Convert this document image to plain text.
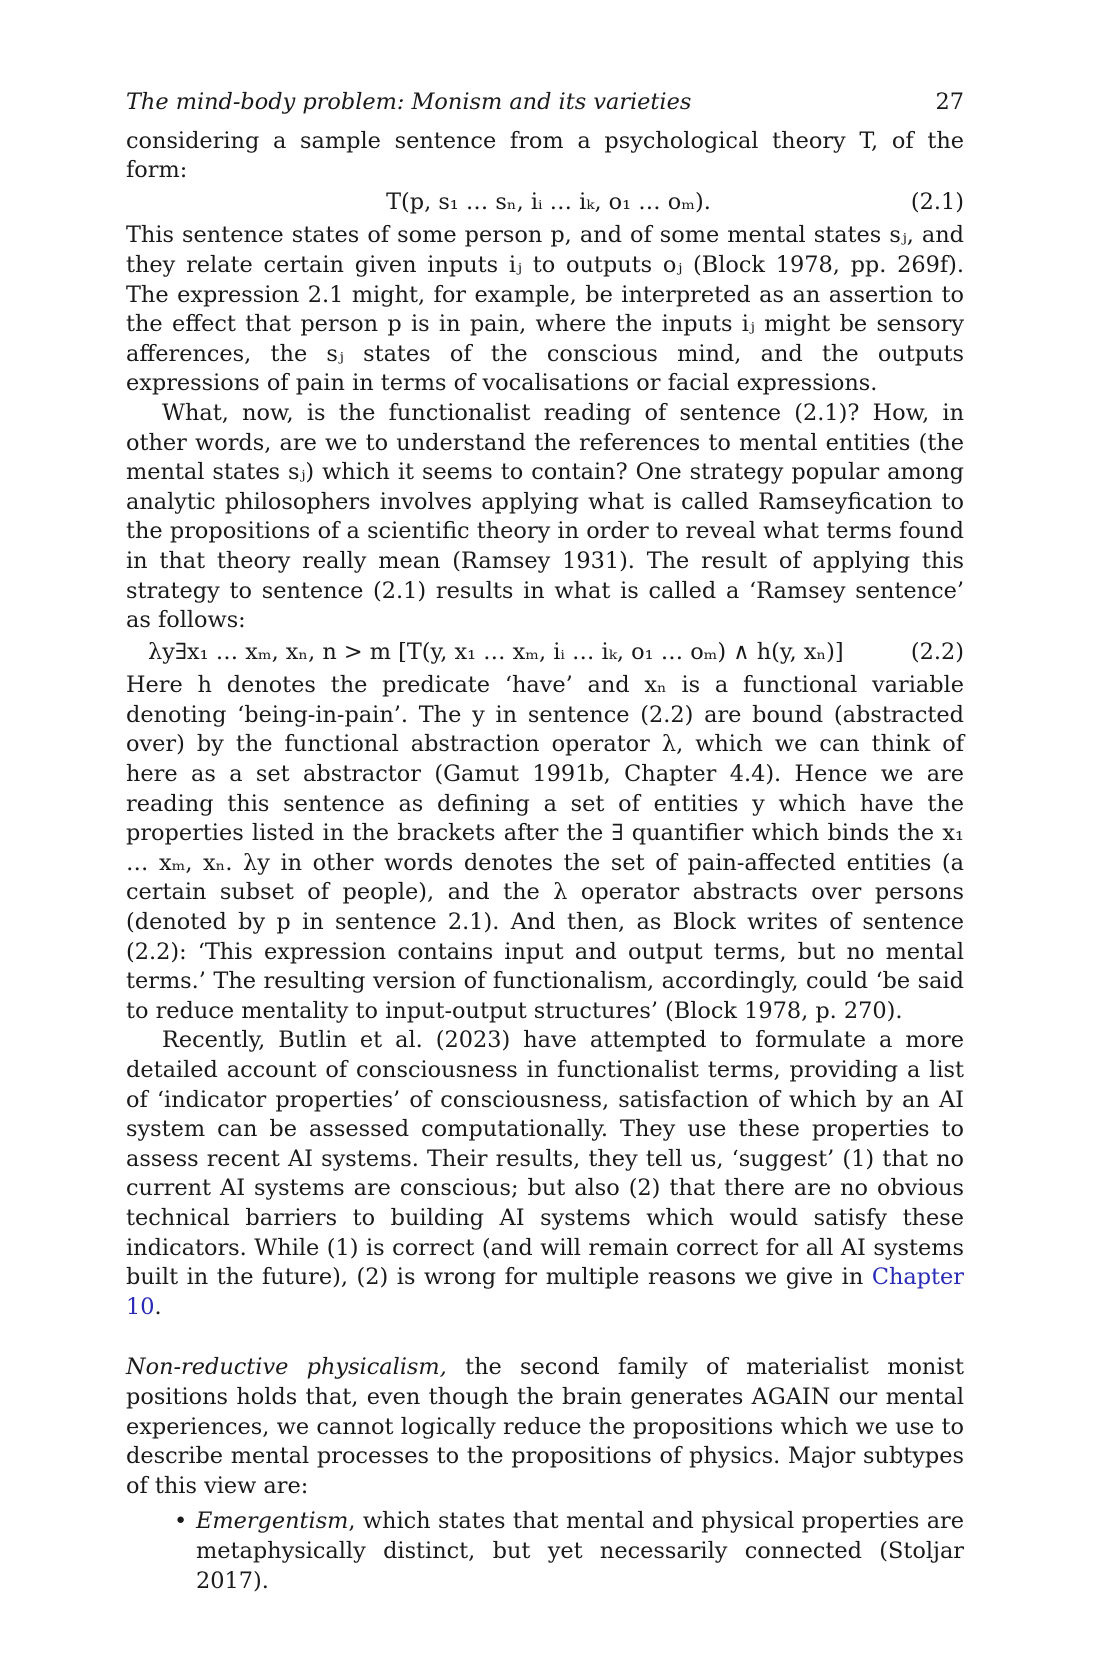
The mind-body problem: Monism and its varieties	27

considering a sample sentence from a psychological theory T, of the form:

T(p, s₁ … sₙ, iᵢ … iₖ, o₁ … oₘ).	(2.1)

This sentence states of some person p, and of some mental states sⱼ, and they relate certain given inputs iⱼ to outputs oⱼ (Block 1978, pp. 269f). The expression 2.1 might, for example, be interpreted as an assertion to the effect that person p is in pain, where the inputs iⱼ might be sensory afferences, the sⱼ states of the conscious mind, and the outputs expressions of pain in terms of vocalisations or facial expressions.

What, now, is the functionalist reading of sentence (2.1)? How, in other words, are we to understand the references to mental entities (the mental states sⱼ) which it seems to contain? One strategy popular among analytic philosophers involves applying what is called Ramseyfication to the propositions of a scientific theory in order to reveal what terms found in that theory really mean (Ramsey 1931). The result of applying this strategy to sentence (2.1) results in what is called a ‘Ramsey sentence’ as follows:

λy∃x₁ … xₘ, xₙ, n > m [T(y, x₁ … xₘ, iᵢ … iₖ, o₁ … oₘ) ∧ h(y, xₙ)]	(2.2)

Here h denotes the predicate ‘have’ and xₙ is a functional variable denoting ‘being-in-pain’. The y in sentence (2.2) are bound (abstracted over) by the functional abstraction operator λ, which we can think of here as a set abstractor (Gamut 1991b, Chapter 4.4). Hence we are reading this sentence as defining a set of entities y which have the properties listed in the brackets after the ∃ quantifier which binds the x₁ … xₘ, xₙ. λy in other words denotes the set of pain-affected entities (a certain subset of people), and the λ operator abstracts over persons (denoted by p in sentence 2.1). And then, as Block writes of sentence (2.2): ‘This expression contains input and output terms, but no mental terms.’ The resulting version of functionalism, accordingly, could ‘be said to reduce mentality to input-output structures’ (Block 1978, p. 270).

Recently, Butlin et al. (2023) have attempted to formulate a more detailed account of consciousness in functionalist terms, providing a list of ‘indicator properties’ of consciousness, satisfaction of which by an AI system can be assessed computationally. They use these properties to assess recent AI systems. Their results, they tell us, ‘suggest’ (1) that no current AI systems are conscious; but also (2) that there are no obvious technical barriers to building AI systems which would satisfy these indicators. While (1) is correct (and will remain correct for all AI systems built in the future), (2) is wrong for multiple reasons we give in Chapter 10.

Non-reductive physicalism, the second family of materialist monist positions holds that, even though the brain generates AGAIN our mental experiences, we cannot logically reduce the propositions which we use to describe mental processes to the propositions of physics. Major subtypes of this view are:

• Emergentism, which states that mental and physical properties are metaphysically distinct, but yet necessarily connected (Stoljar 2017).
